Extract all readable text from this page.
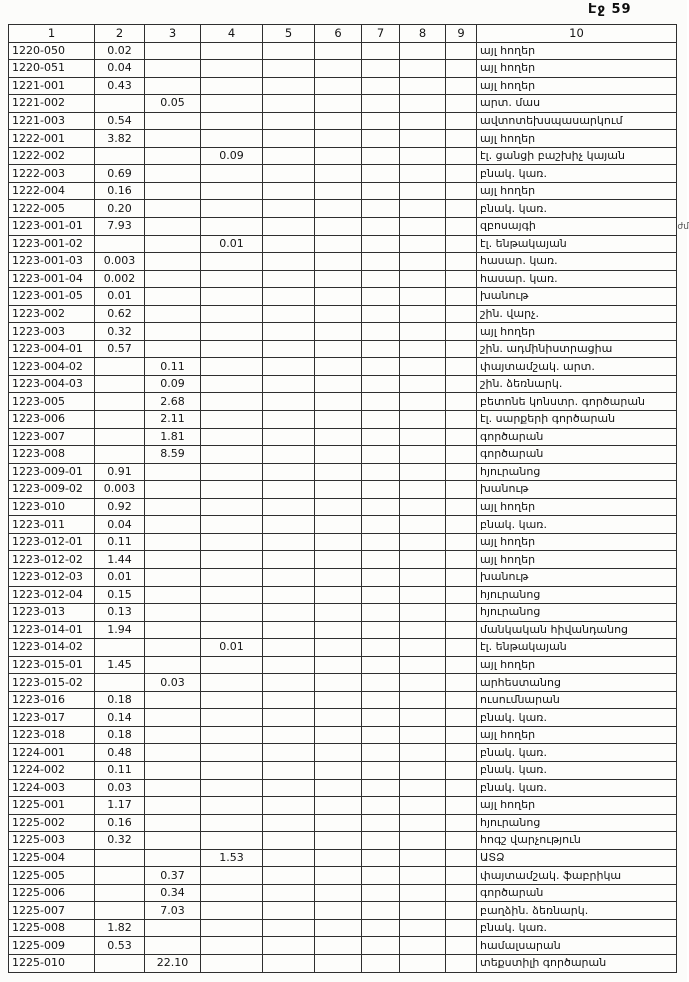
Էջ 59
ժմ
1	2	3	4	5	6	7	8	9	10
1220-050	0.02								այլ հողեր
1220-051	0.04								այլ հողեր
1221-001	0.43								այլ հողեր
1221-002		0.05							արտ. մաս
1221-003	0.54								ավտոտեխսպասարկում
1222-001	3.82								այլ հողեր
1222-002			0.09						էլ. ցանցի բաշխիչ կայան
1222-003	0.69								բնակ. կառ.
1222-004	0.16								այլ հողեր
1222-005	0.20								բնակ. կառ.
1223-001-01	7.93								զբոսայգի
1223-001-02			0.01						էլ. ենթակայան
1223-001-03	0.003								հասար. կառ.
1223-001-04	0.002								հասար. կառ.
1223-001-05	0.01								խանութ
1223-002	0.62								շին. վարչ.
1223-003	0.32								այլ հողեր
1223-004-01	0.57								շին. ադմինիստրացիա
1223-004-02		0.11							փայտամշակ. արտ.
1223-004-03		0.09							շին. ձեռնարկ.
1223-005		2.68							բետոնե կոնստր. գործարան
1223-006		2.11							էլ. սարքերի գործարան
1223-007		1.81							գործարան
1223-008		8.59							գործարան
1223-009-01	0.91								հյուրանոց
1223-009-02	0.003								խանութ
1223-010	0.92								այլ հողեր
1223-011	0.04								բնակ. կառ.
1223-012-01	0.11								այլ հողեր
1223-012-02	1.44								այլ հողեր
1223-012-03	0.01								խանութ
1223-012-04	0.15								հյուրանոց
1223-013	0.13								հյուրանոց
1223-014-01	1.94								մանկական հիվանդանոց
1223-014-02			0.01						էլ. ենթակայան
1223-015-01	1.45								այլ հողեր
1223-015-02		0.03							արհեստանոց
1223-016	0.18								ուսումնարան
1223-017	0.14								բնակ. կառ.
1223-018	0.18								այլ հողեր
1224-001	0.48								բնակ. կառ.
1224-002	0.11								բնակ. կառ.
1224-003	0.03								բնակ. կառ.
1225-001	1.17								այլ հողեր
1225-002	0.16								հյուրանոց
1225-003	0.32								հոգշ վարչություն
1225-004			1.53						ԱՏՁ
1225-005		0.37							փայտամշակ. ֆաբրիկա
1225-006		0.34							գործարան
1225-007		7.03							բաղձին. ձեռնարկ.
1225-008	1.82								բնակ. կառ.
1225-009	0.53								համալսարան
1225-010		22.10							տեքստիլի գործարան
